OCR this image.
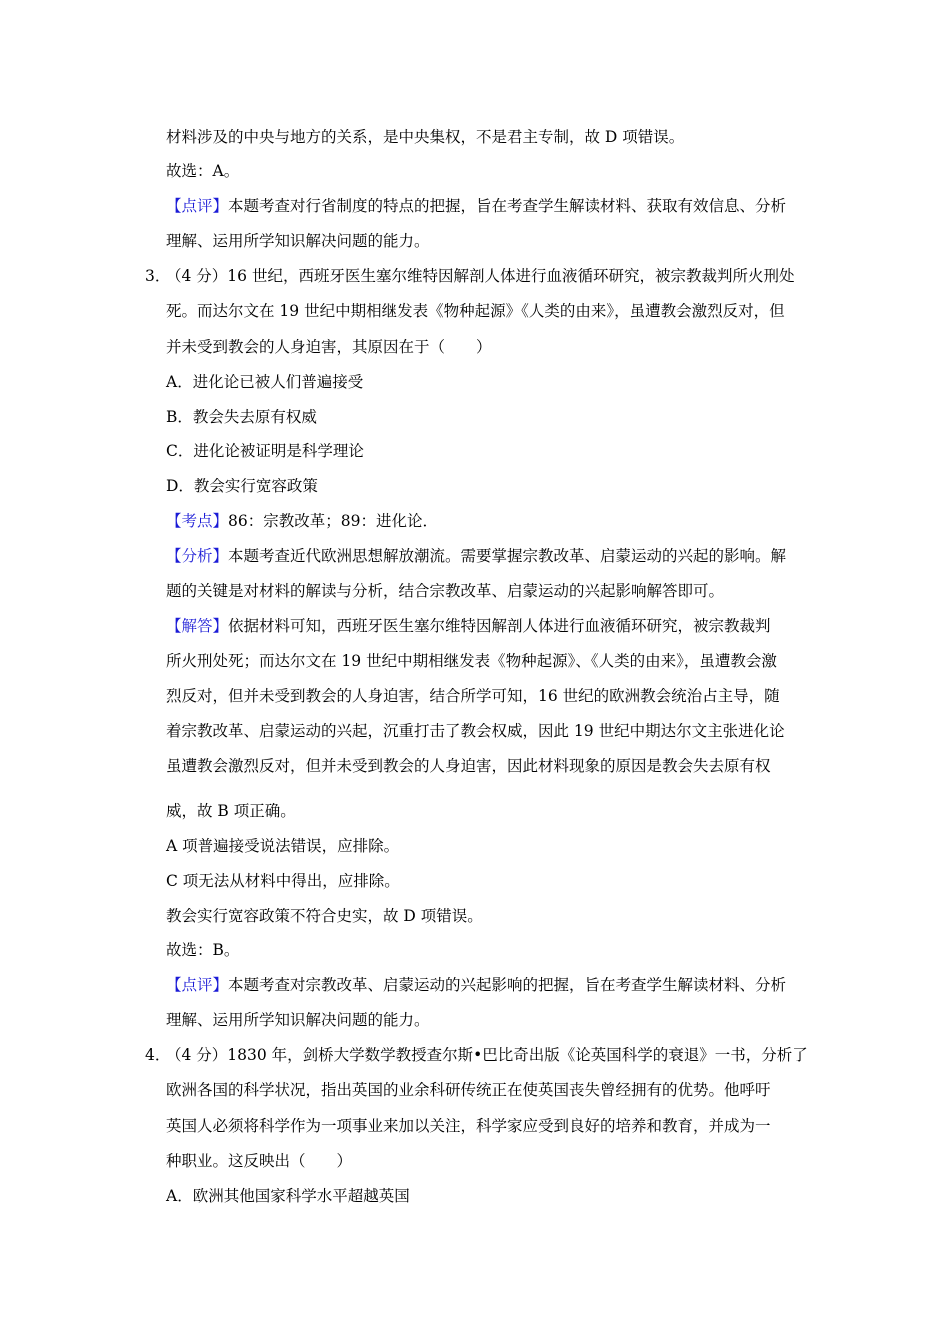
材料涉及的中央与地方的关系，是中央集权，不是君主专制，故 D 项错误。
故选：A。
【点评】本题考查对行省制度的特点的把握，旨在考查学生解读材料、获取有效信息、分析
理解、运用所学知识解决问题的能力。
3．
（4 分）16 世纪，西班牙医生塞尔维特因解剖人体进行血液循环研究，被宗教裁判所火刑处
死。而达尔文在 19 世纪中期相继发表《物种起源》《人类的由来》，虽遭教会激烈反对，但
并未受到教会的人身迫害，其原因在于（　　）
A．进化论已被人们普遍接受
B．教会失去原有权威
C．进化论被证明是科学理论
D．教会实行宽容政策
【考点】86：宗教改革；89：进化论．
【分析】本题考查近代欧洲思想解放潮流。需要掌握宗教改革、启蒙运动的兴起的影响。解
题的关键是对材料的解读与分析，结合宗教改革、启蒙运动的兴起影响解答即可。
【解答】依据材料可知，西班牙医生塞尔维特因解剖人体进行血液循环研究，被宗教裁判
所火刑处死；而达尔文在 19 世纪中期相继发表《物种起源》、《人类的由来》，虽遭教会激
烈反对，但并未受到教会的人身迫害，结合所学可知，16 世纪的欧洲教会统治占主导，随
着宗教改革、启蒙运动的兴起，沉重打击了教会权威，因此 19 世纪中期达尔文主张进化论
虽遭教会激烈反对，但并未受到教会的人身迫害，因此材料现象的原因是教会失去原有权
威，故 B 项正确。
A 项普遍接受说法错误，应排除。
C 项无法从材料中得出，应排除。
教会实行宽容政策不符合史实，故 D 项错误。
故选：B。
【点评】本题考查对宗教改革、启蒙运动的兴起影响的把握，旨在考查学生解读材料、分析
理解、运用所学知识解决问题的能力。
4．
（4 分）1830 年，剑桥大学数学教授查尔斯•巴比奇出版《论英国科学的衰退》一书，分析了
欧洲各国的科学状况，指出英国的业余科研传统正在使英国丧失曾经拥有的优势。他呼吁
英国人必须将科学作为一项事业来加以关注，科学家应受到良好的培养和教育，并成为一
种职业。这反映出（　　）
A．欧洲其他国家科学水平超越英国
